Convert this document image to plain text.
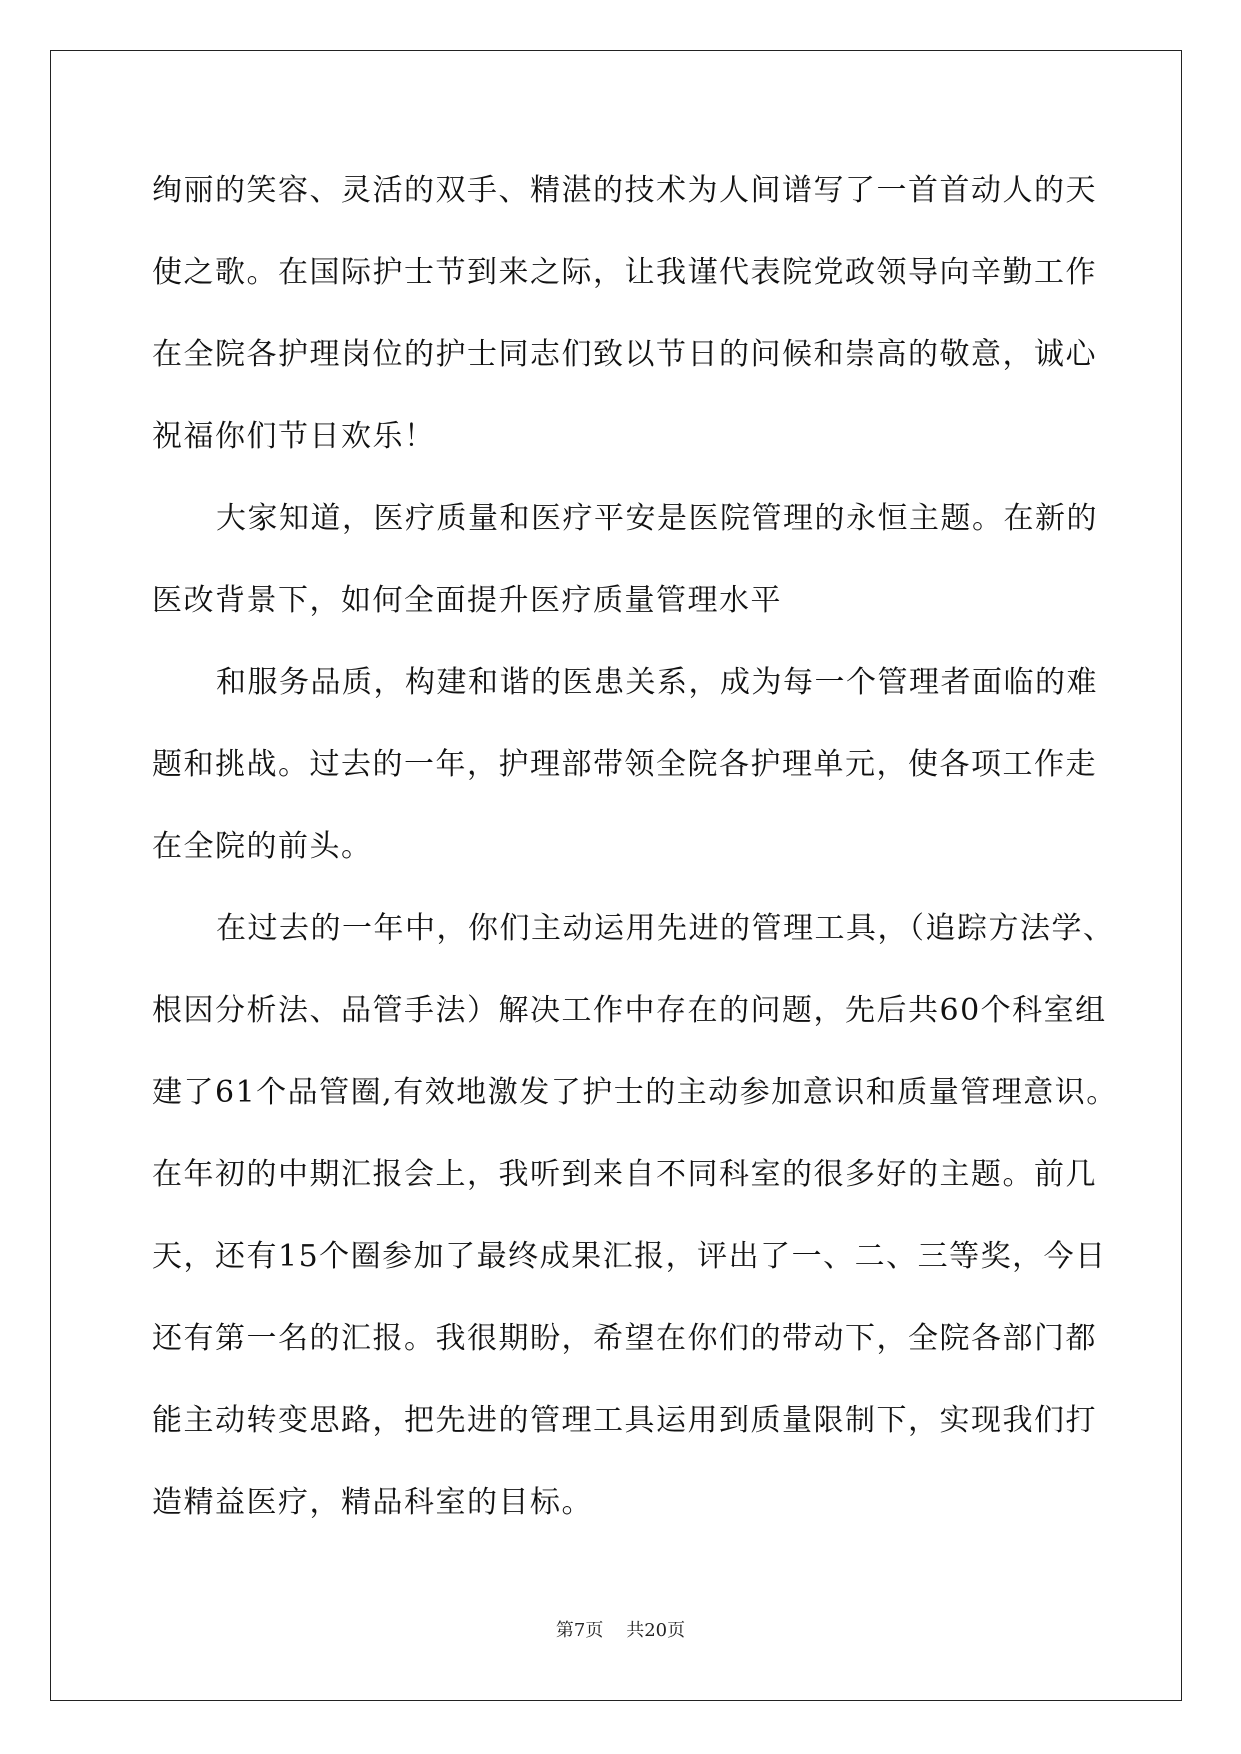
绚丽的笑容、灵活的双手、精湛的技术为人间谱写了一首首动人的天
使之歌。在国际护士节到来之际，让我谨代表院党政领导向辛勤工作
在全院各护理岗位的护士同志们致以节日的问候和崇高的敬意，诚心
祝福你们节日欢乐！
大家知道，医疗质量和医疗平安是医院管理的永恒主题。在新的
医改背景下，如何全面提升医疗质量管理水平
和服务品质，构建和谐的医患关系，成为每一个管理者面临的难
题和挑战。过去的一年，护理部带领全院各护理单元，使各项工作走
在全院的前头。
在过去的一年中，你们主动运用先进的管理工具，（追踪方法学、
根因分析法、品管手法）解决工作中存在的问题，先后共60个科室组
建了61个品管圈,有效地激发了护士的主动参加意识和质量管理意识。
在年初的中期汇报会上，我听到来自不同科室的很多好的主题。前几
天，还有15个圈参加了最终成果汇报，评出了一、二、三等奖，今日
还有第一名的汇报。我很期盼，希望在你们的带动下，全院各部门都
能主动转变思路，把先进的管理工具运用到质量限制下，实现我们打
造精益医疗，精品科室的目标。
第7页    共20页
